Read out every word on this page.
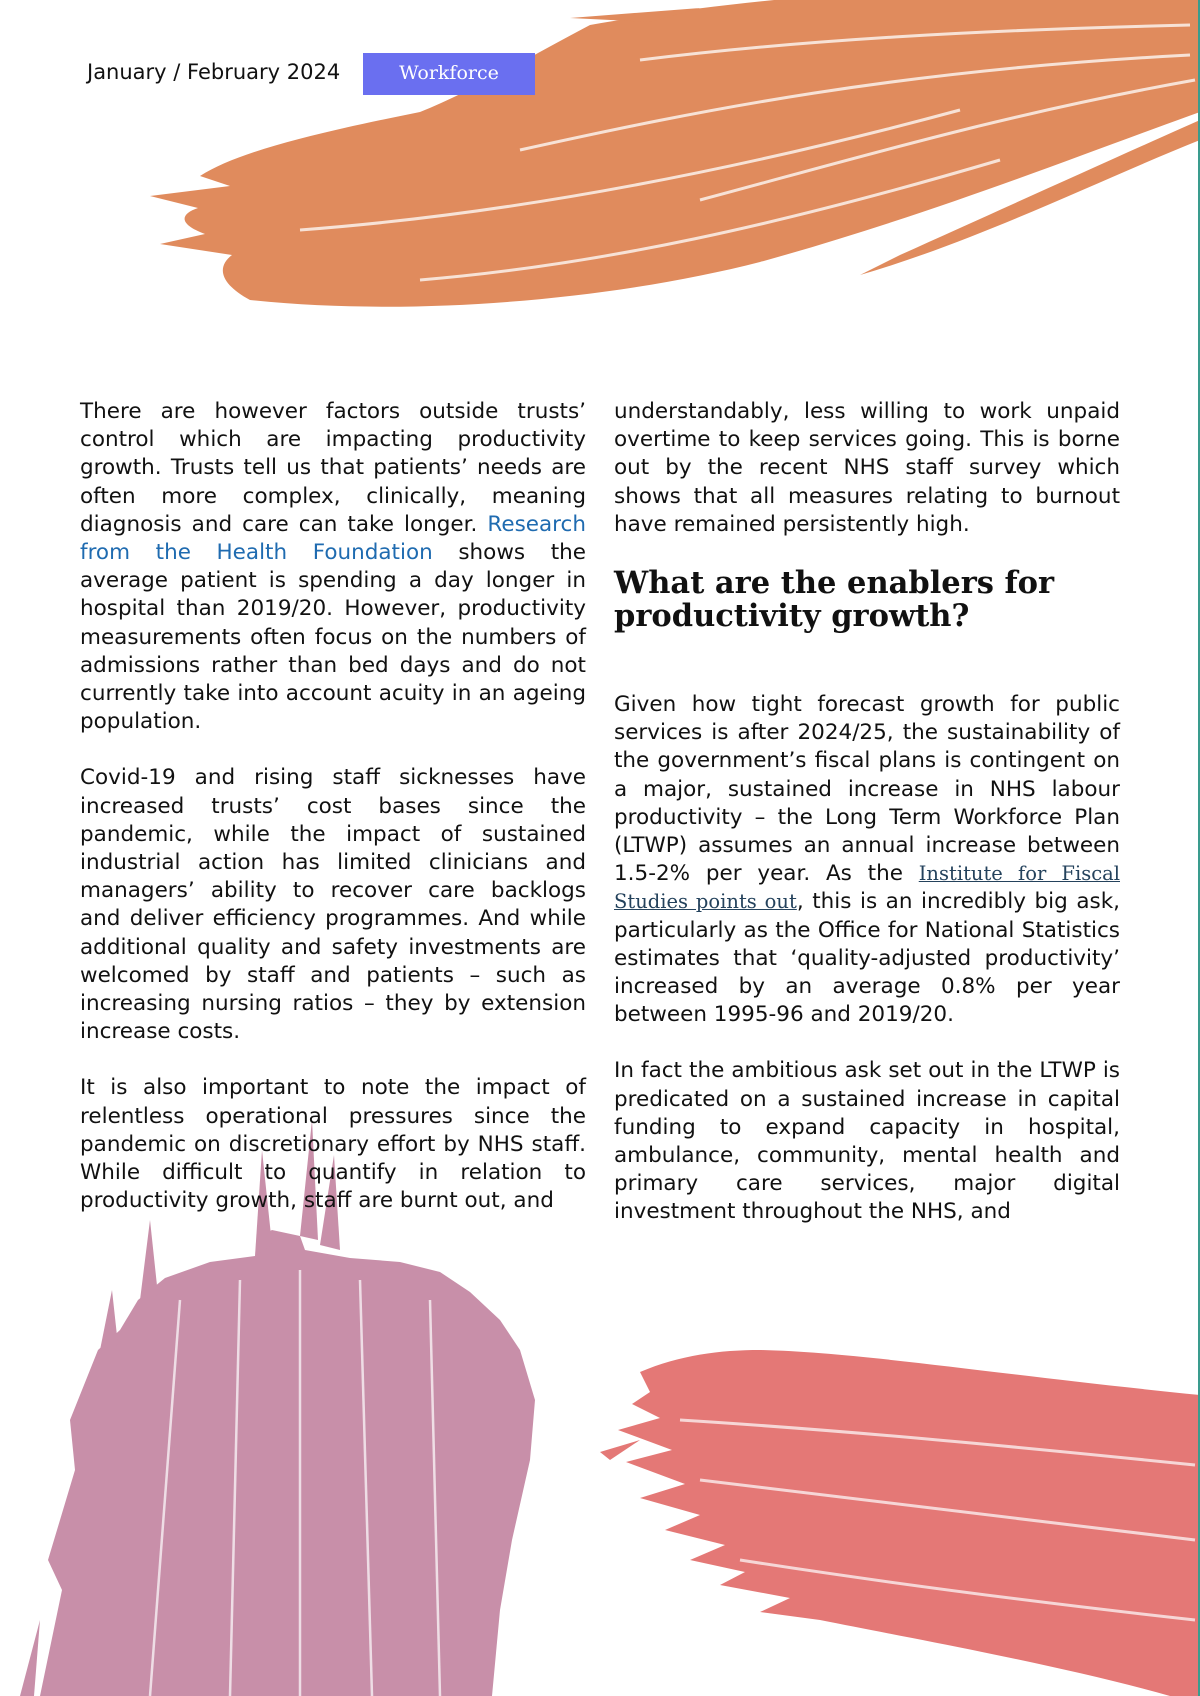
January / February 2024	Workforce

There are however factors outside trusts’ control which are impacting productivity growth. Trusts tell us that patients’ needs are often more complex, clinically, meaning diagnosis and care can take longer. Research from the Health Foundation shows the average patient is spending a day longer in hospital than 2019/20. However, productivity measurements often focus on the numbers of admissions rather than bed days and do not currently take into account acuity in an ageing population.

Covid-19 and rising staff sicknesses have increased trusts’ cost bases since the pandemic, while the impact of sustained industrial action has limited clinicians and managers’ ability to recover care backlogs and deliver efficiency programmes. And while additional quality and safety investments are welcomed by staff and patients – such as increasing nursing ratios – they by extension increase costs.

It is also important to note the impact of relentless operational pressures since the pandemic on discretionary effort by NHS staff. While difficult to quantify in relation to productivity growth, staff are burnt out, and

understandably, less willing to work unpaid overtime to keep services going. This is borne out by the recent NHS staff survey which shows that all measures relating to burnout have remained persistently high.

What are the enablers for productivity growth?

Given how tight forecast growth for public services is after 2024/25, the sustainability of the government’s fiscal plans is contingent on a major, sustained increase in NHS labour productivity – the Long Term Workforce Plan (LTWP) assumes an annual increase between 1.5-2% per year. As the Institute for Fiscal Studies points out, this is an incredibly big ask, particularly as the Office for National Statistics estimates that ‘quality-adjusted productivity’ increased by an average 0.8% per year between 1995-96 and 2019/20.

In fact the ambitious ask set out in the LTWP is predicated on a sustained increase in capital funding to expand capacity in hospital, ambulance, community, mental health and primary care services, major digital investment throughout the NHS, and
